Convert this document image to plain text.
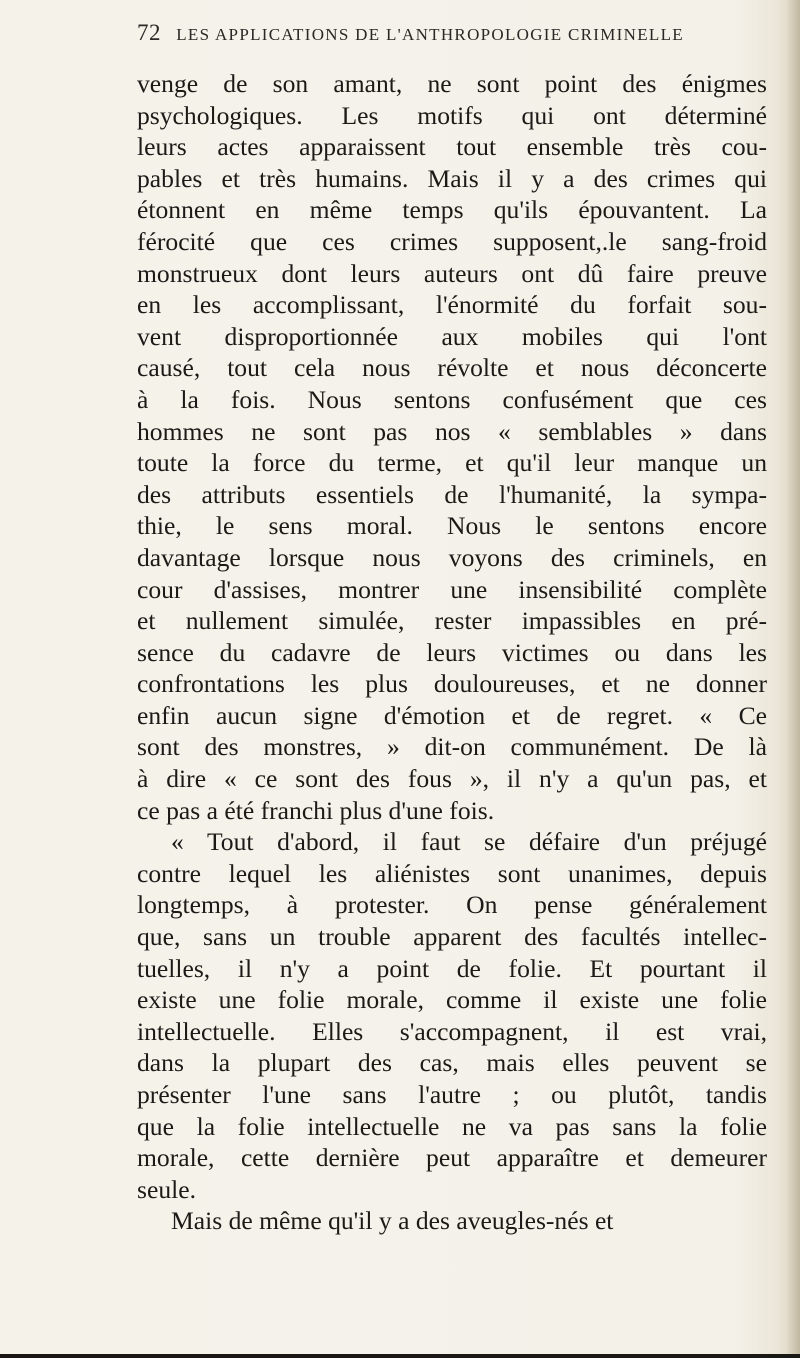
72 LES APPLICATIONS DE L'ANTHROPOLOGIE CRIMINELLE
venge de son amant, ne sont point des énigmes
psychologiques. Les motifs qui ont déterminé
leurs actes apparaissent tout ensemble très cou-
pables et très humains. Mais il y a des crimes qui
étonnent en même temps qu'ils épouvantent. La
férocité que ces crimes supposent,.le sang-froid
monstrueux dont leurs auteurs ont dû faire preuve
en les accomplissant, l'énormité du forfait sou-
vent disproportionnée aux mobiles qui l'ont
causé, tout cela nous révolte et nous déconcerte
à la fois. Nous sentons confusément que ces
hommes ne sont pas nos « semblables » dans
toute la force du terme, et qu'il leur manque un
des attributs essentiels de l'humanité, la sympa-
thie, le sens moral. Nous le sentons encore
davantage lorsque nous voyons des criminels, en
cour d'assises, montrer une insensibilité complète
et nullement simulée, rester impassibles en pré-
sence du cadavre de leurs victimes ou dans les
confrontations les plus douloureuses, et ne donner
enfin aucun signe d'émotion et de regret. « Ce
sont des monstres, » dit-on communément. De là
à dire « ce sont des fous », il n'y a qu'un pas, et
ce pas a été franchi plus d'une fois.
« Tout d'abord, il faut se défaire d'un préjugé
contre lequel les aliénistes sont unanimes, depuis
longtemps, à protester. On pense généralement
que, sans un trouble apparent des facultés intellec-
tuelles, il n'y a point de folie. Et pourtant il
existe une folie morale, comme il existe une folie
intellectuelle. Elles s'accompagnent, il est vrai,
dans la plupart des cas, mais elles peuvent se
présenter l'une sans l'autre ; ou plutôt, tandis
que la folie intellectuelle ne va pas sans la folie
morale, cette dernière peut apparaître et demeurer
seule.
Mais de même qu'il y a des aveugles-nés et
